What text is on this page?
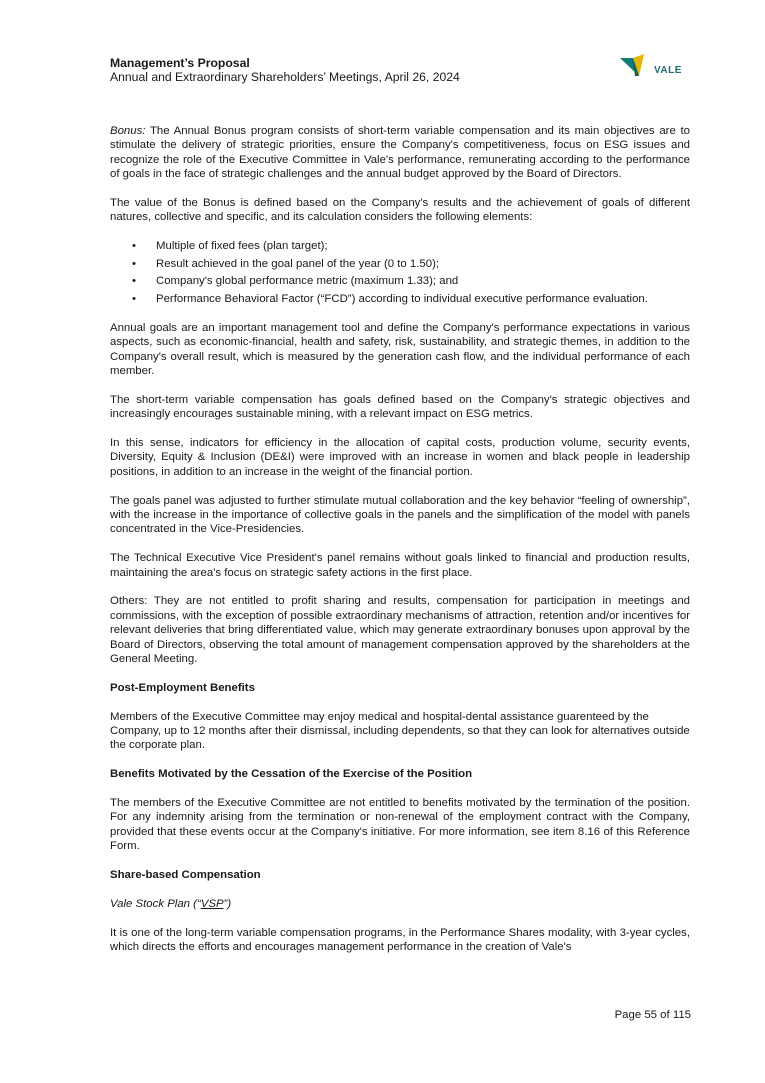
Management’s Proposal
Annual and Extraordinary Shareholders’ Meetings, April 26, 2024	VALE

Bonus: The Annual Bonus program consists of short-term variable compensation and its main objectives are to stimulate the delivery of strategic priorities, ensure the Company's competitiveness, focus on ESG issues and recognize the role of the Executive Committee in Vale's performance, remunerating according to the performance of goals in the face of strategic challenges and the annual budget approved by the Board of Directors.

The value of the Bonus is defined based on the Company's results and the achievement of goals of different natures, collective and specific, and its calculation considers the following elements:

• Multiple of fixed fees (plan target);
• Result achieved in the goal panel of the year (0 to 1.50);
• Company's global performance metric (maximum 1.33); and
• Performance Behavioral Factor (“FCD”) according to individual executive performance evaluation.

Annual goals are an important management tool and define the Company's performance expectations in various aspects, such as economic-financial, health and safety, risk, sustainability, and strategic themes, in addition to the Company's overall result, which is measured by the generation cash flow, and the individual performance of each member.

The short-term variable compensation has goals defined based on the Company's strategic objectives and increasingly encourages sustainable mining, with a relevant impact on ESG metrics.

In this sense, indicators for efficiency in the allocation of capital costs, production volume, security events, Diversity, Equity & Inclusion (DE&I) were improved with an increase in women and black people in leadership positions, in addition to an increase in the weight of the financial portion.

The goals panel was adjusted to further stimulate mutual collaboration and the key behavior “feeling of ownership”, with the increase in the importance of collective goals in the panels and the simplification of the model with panels concentrated in the Vice-Presidencies.

The Technical Executive Vice President's panel remains without goals linked to financial and production results, maintaining the area's focus on strategic safety actions in the first place.

Others: They are not entitled to profit sharing and results, compensation for participation in meetings and commissions, with the exception of possible extraordinary mechanisms of attraction, retention and/or incentives for relevant deliveries that bring differentiated value, which may generate extraordinary bonuses upon approval by the Board of Directors, observing the total amount of management compensation approved by the shareholders at the General Meeting.

Post-Employment Benefits

Members of the Executive Committee may enjoy medical and hospital-dental assistance guarenteed by the Company, up to 12 months after their dismissal, including dependents, so that they can look for alternatives outside the corporate plan.

Benefits Motivated by the Cessation of the Exercise of the Position

The members of the Executive Committee are not entitled to benefits motivated by the termination of the position. For any indemnity arising from the termination or non-renewal of the employment contract with the Company, provided that these events occur at the Company's initiative. For more information, see item 8.16 of this Reference Form.

Share-based Compensation

Vale Stock Plan (“VSP”)

It is one of the long-term variable compensation programs, in the Performance Shares modality, with 3-year cycles, which directs the efforts and encourages management performance in the creation of Vale's

Page 55 of 115
